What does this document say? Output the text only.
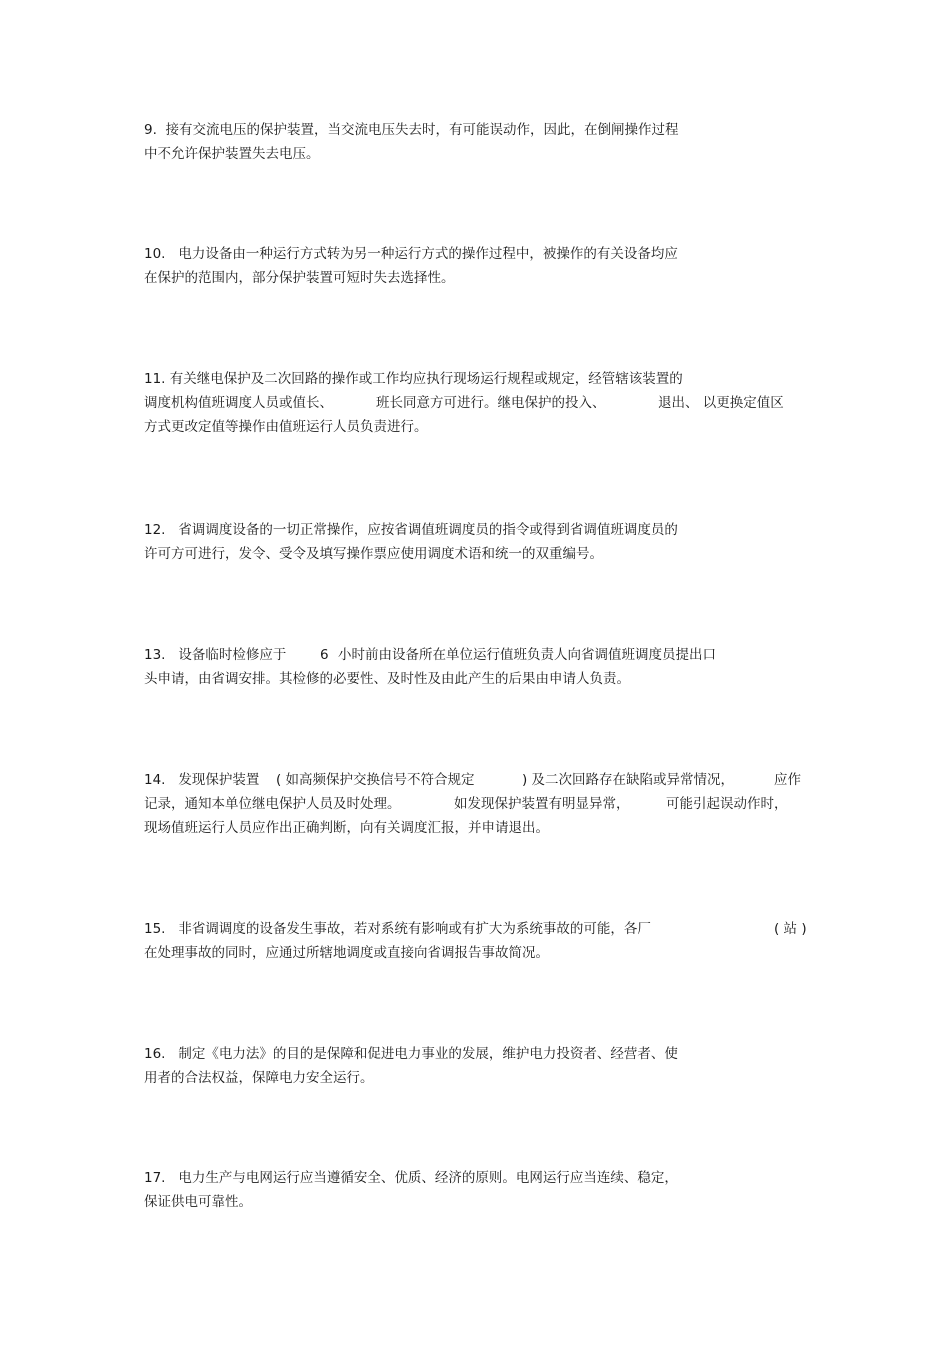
9.  接有交流电压的保护装置，当交流电压失去时，有可能误动作，因此，在倒闸操作过程
中不允许保护装置失去电压。
10.   电力设备由一种运行方式转为另一种运行方式的操作过程中，被操作的有关设备均应
在保护的范围内，部分保护装置可短时失去选择性。
11. 有关继电保护及二次回路的操作或工作均应执行现场运行规程或规定，经管辖该装置的

调度机构值班调度人员或值长、

	班长同意方可进行。继电保护的投入、

	退出、 以更换定值区

方式更改定值等操作由值班运行人员负责进行。
12.   省调调度设备的一切正常操作，应按省调值班调度员的指令或得到省调值班调度员的
许可方可进行，发令、受令及填写操作票应使用调度术语和统一的双重编号。

13.   设备临时检修应于

6

小时前由设备所在单位运行值班负责人向省调值班调度员提出口

头申请，由省调安排。其检修的必要性、及时性及由此产生的后果由申请人负责。

14.   发现保护装置

( 如高频保护交换信号不符合规定

	) 及二次回路存在缺陷或异常情况，

	应作

记录，通知本单位继电保护人员及时处理。

	如发现保护装置有明显异常，

	可能引起误动作时，

现场值班运行人员应作出正确判断，向有关调度汇报，并申请退出。

15.   非省调调度的设备发生事故，若对系统有影响或有扩大为系统事故的可能，各厂

	( 站 )

在处理事故的同时，应通过所辖地调度或直接向省调报告事故简况。
16.   制定《电力法》的目的是保障和促进电力事业的发展，维护电力投资者、经营者、使
用者的合法权益，保障电力安全运行。
17.   电力生产与电网运行应当遵循安全、优质、经济的原则。电网运行应当连续、稳定，
保证供电可靠性。
